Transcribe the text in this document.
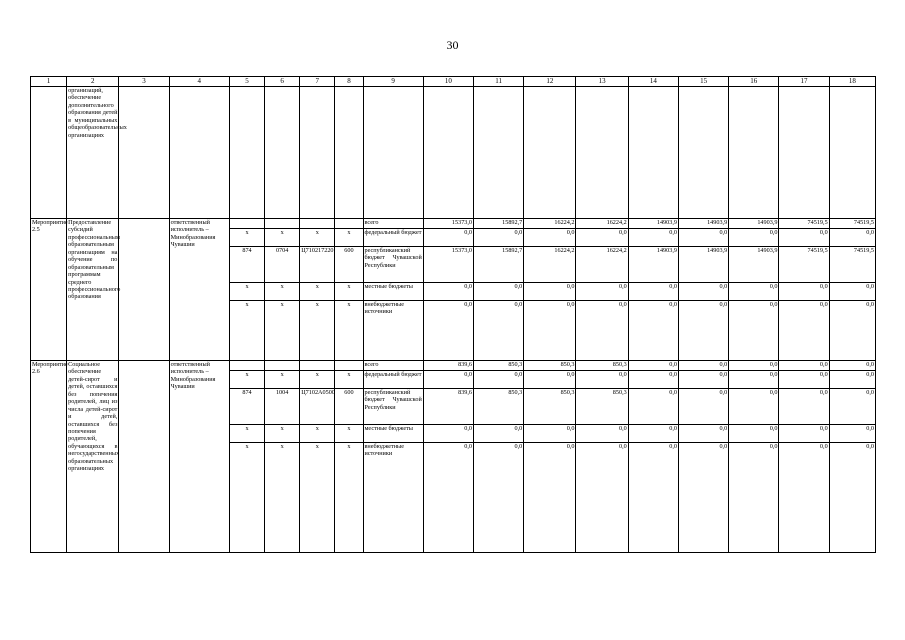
30
1	2	3	4	5	6	7	8	9	10	11	12	13	14	15	16	17	18
	организаций, обеспечение дополнительного образования детей в муниципальных общеобразовательных организациях																
Мероприятие 2.5	Предоставление субсидий профессиональным образовательным организациям на обучение по образовательным программам среднего профессионального образования		ответственный исполнитель – Минобразования Чувашии					всего	15373,0	15892,7	16224,2	16224,2	14903,9	14903,9	14903,9	74519,5	74519,5
				x	x	x	x	федеральный бюджет	0,0	0,0	0,0	0,0	0,0	0,0	0,0	0,0	0,0
				874	0704	Ц710217220	600	республиканский бюджет Чувашской Республики	15373,0	15892,7	16224,2	16224,2	14903,9	14903,9	14903,9	74519,5	74519,5
				x	x	x	x	местные бюджеты	0,0	0,0	0,0	0,0	0,0	0,0	0,0	0,0	0,0
				x	x	x	x	внебюджетные источники	0,0	0,0	0,0	0,0	0,0	0,0	0,0	0,0	0,0
Мероприятие 2.6	Социальное обеспечение детей-сирот и детей, оставшихся без попечения родителей, лиц из числа детей-сирот и детей, оставшихся без попечения родителей, обучающихся в негосударственных образовательных организациях		ответственный исполнитель – Минобразования Чувашии					всего	839,6	850,3	850,3	850,3	0,0	0,0	0,0	0,0	0,0
				x	x	x	x	федеральный бюджет	0,0	0,0	0,0	0,0	0,0	0,0	0,0	0,0	0,0
				874	1004	Ц7102А0500	600	республиканский бюджет Чувашской Республики	839,6	850,3	850,3	850,3	0,0	0,0	0,0	0,0	0,0
				x	x	x	x	местные бюджеты	0,0	0,0	0,0	0,0	0,0	0,0	0,0	0,0	0,0
				x	x	x	x	внебюджетные источники	0,0	0,0	0,0	0,0	0,0	0,0	0,0	0,0	0,0
